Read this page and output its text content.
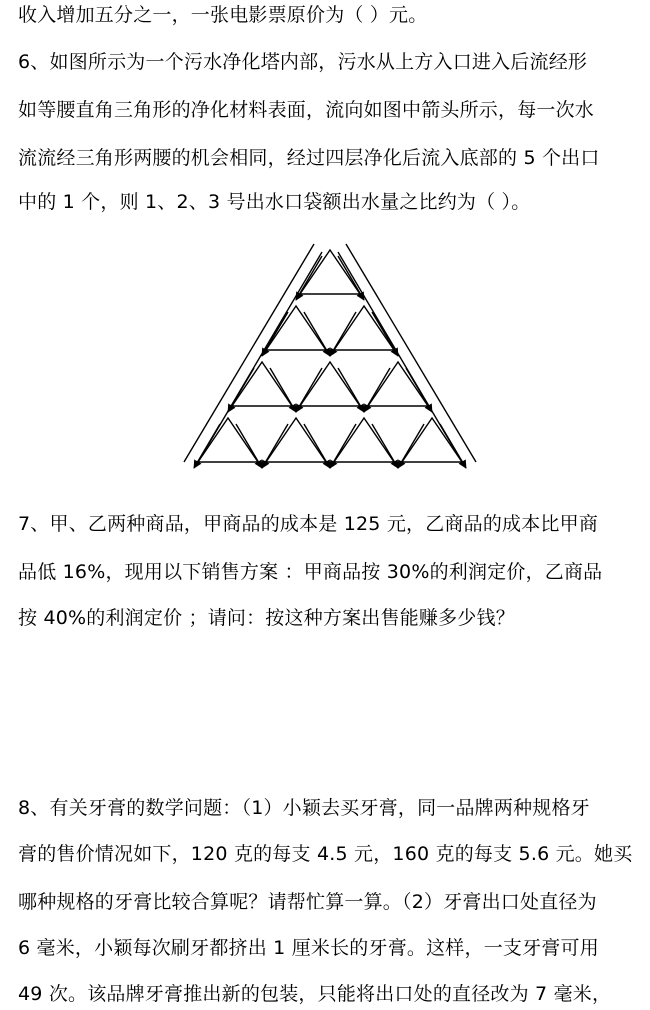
收入增加五分之一，一张电影票原价为（ ）元。
6、如图所示为一个污水净化塔内部，污水从上方入口进入后流经形
如等腰直角三角形的净化材料表面，流向如图中箭头所示，每一次水
流流经三角形两腰的机会相同，经过四层净化后流入底部的 5 个出口
中的 1 个，则 1、2、3 号出水口袋额出水量之比约为（ ）。
7、甲、乙两种商品，甲商品的成本是 125 元，乙商品的成本比甲商
品低 16%，现用以下销售方案 ：甲商品按 30%的利润定价，乙商品
按 40%的利润定价 ；请问：按这种方案出售能赚多少钱？
8、有关牙膏的数学问题：（1）小颖去买牙膏，同一品牌两种规格牙
膏的售价情况如下，120 克的每支 4.5 元，160 克的每支 5.6 元。她买
哪种规格的牙膏比较合算呢？请帮忙算一算。（2）牙膏出口处直径为
6 毫米，小颖每次刷牙都挤出 1 厘米长的牙膏。这样，一支牙膏可用
49 次。该品牌牙膏推出新的包装，只能将出口处的直径改为 7 毫米，
